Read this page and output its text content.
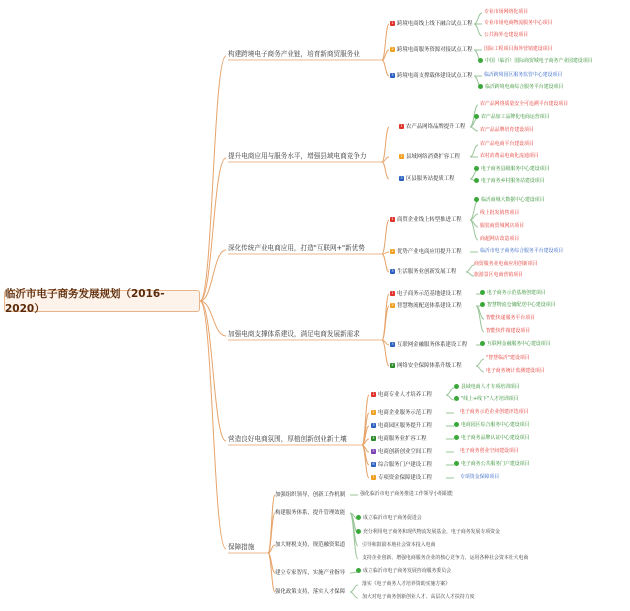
临沂市电子商务发展规划（2016-2020）
构建跨境电子商务产业链，培育新商贸服务业
提升电商应用与服务水平，增强县域电商竞争力
深化传统产业电商应用，打造"互联网+"新优势
加强电商支撑体系建设，满足电商发展新需求
营造良好电商氛围，厚植创新创业新土壤
保障措施
1 跨境电商线上线下融合试点工程
2 跨境电商服务资源对接试点工程
3 跨境电商支撑载体建设试点工程
1 农产品网络品牌提升工程
2 县域网络消费扩容工程
3 区县服务站提质工程
1 商贸企业线上转型推进工程
2 优势产业电商应用提升工程
3 生活服务业创新发展工程
1 电子商务示范基地建设工程
2 智慧物流配送体系建设工程
3 互联网金融服务体系建设工程
4 网络安全保障体系升级工程
1 电商专业人才培养工程
2 电商企业服务示范工程
3 电商园区服务提升工程
4 电商服务业扩容工程
5 电商创新创业空间工程
6 综合服务门户建设工程
7 专项资金保障建设工程
加强组织领导，创新工作机制
构建服务体系，提升管理效能
加大财税支持，规范融资渠道
建立专家智库，实施产业指导
强化政策支持，落实人才保障
专业市场网络化项目
专业市场电商物流服务中心项目
公共海外仓建设项目
国际工程项目海外营销建设项目
中国（临沂）国际商贸城电子商务产业园建设项目
临沂跨境园区服务监管中心建设项目
临沂跨境电商综合服务平台建设项目
农产品网络质量安全可追溯平台建设项目
农产品加工品牌化电商运营项目
农产品品牌培育建设项目
农产品电商平台建设项目
农村消费品电商化流通项目
电子商务县级服务中心建设项目
电子商务乡村服务站建设项目
临沂商城大数据中心建设项目
线上批发销售项目
服装商贸城网店项目
商超网店改造项目
临沂市电子商务综合服务平台建设项目
商贸服务业电商应用创新项目
旅游景区电商营销项目
电子商务示范基地创建项目
智慧物流仓储配送中心建设项目
智能快递服务平台项目
智能快件箱建设项目
互联网金融服务中心建设项目
"智慧临沂"建设项目
电子商务统计监测建设项目
县域电商人才专项培训项目
"线上+线下"人才培训项目
电子商务示范企业创建评选项目
电商园区综合服务中心建设项目
电子商务品牌认证中心建设项目
电子商务创业空间建设项目
电子商务公共服务门户建设项目
专项资金保障项目
强化临沂市电子商务推进工作领导小组职能
成立临沂市电子商务促进会
充分利用电子商务和现代物流发展基金，电子商务发展专项资金
引导和鼓励本地社会资本投入电商
支持企业创新、增强电商服务企业的核心竞争力，运用各种社会资本壮大电商
成立临沂市电子商务发展咨询服务委员会
落实《电子商务人才培养资助实施方案》
加大对电子商务创新创业人才、高层次人才扶持力度
